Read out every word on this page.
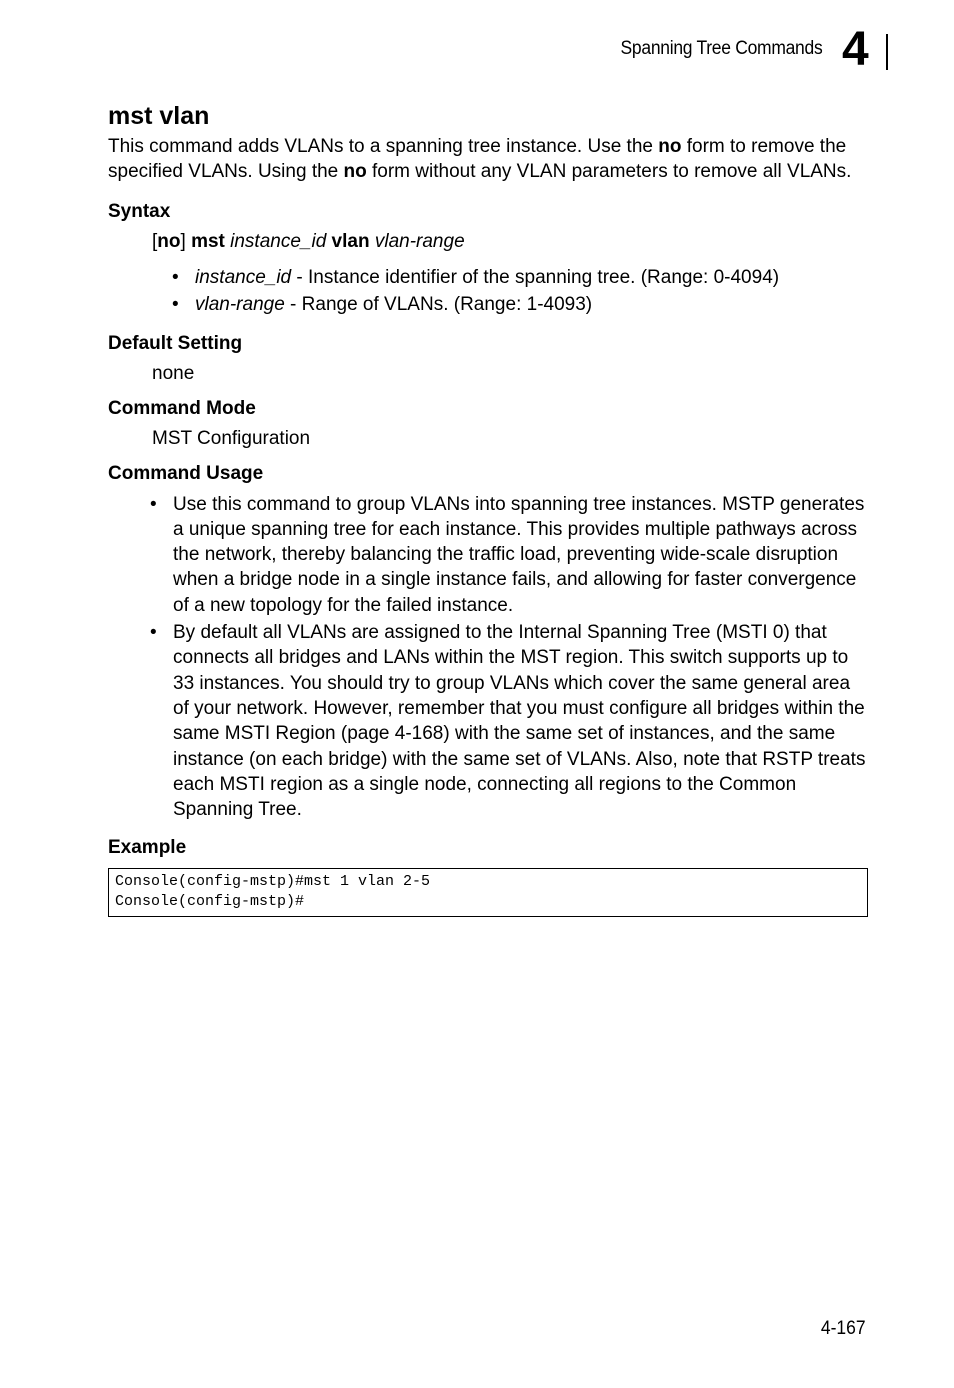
Spanning Tree Commands 4
mst vlan

This command adds VLANs to a spanning tree instance. Use the no form to remove the specified VLANs. Using the no form without any VLAN parameters to remove all VLANs.

Syntax

[no] mst instance_id vlan vlan-range

• instance_id - Instance identifier of the spanning tree. (Range: 0-4094)
• vlan-range - Range of VLANs. (Range: 1-4093)
Default Setting

none

Command Mode

MST Configuration

Command Usage
• Use this command to group VLANs into spanning tree instances. MSTP generates a unique spanning tree for each instance. This provides multiple pathways across the network, thereby balancing the traffic load, preventing wide-scale disruption when a bridge node in a single instance fails, and allowing for faster convergence of a new topology for the failed instance.
• By default all VLANs are assigned to the Internal Spanning Tree (MSTI 0) that connects all bridges and LANs within the MST region. This switch supports up to 33 instances. You should try to group VLANs which cover the same general area of your network. However, remember that you must configure all bridges within the same MSTI Region (page 4-168) with the same set of instances, and the same instance (on each bridge) with the same set of VLANs. Also, note that RSTP treats each MSTI region as a single node, connecting all regions to the Common Spanning Tree.
Example
Console(config-mstp)#mst 1 vlan 2-5
Console(config-mstp)#
4-167
